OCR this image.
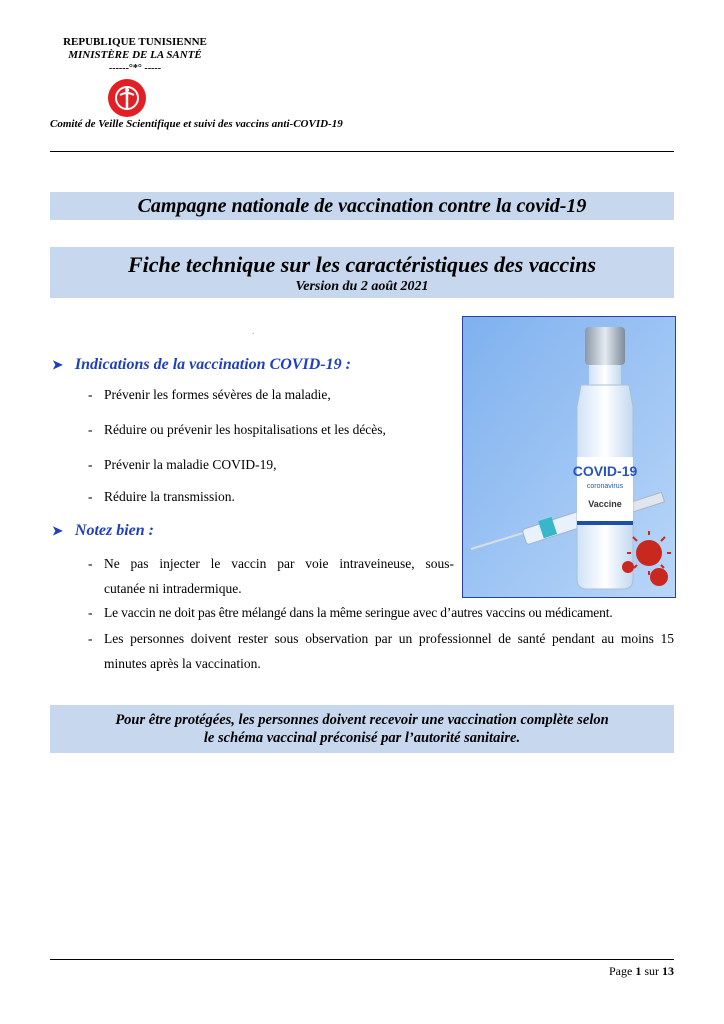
REPUBLIQUE TUNISIENNE
MINISTÈRE DE LA SANTÉ
------°*° -----
Comité de Veille Scientifique et suivi des vaccins anti-COVID-19
Campagne nationale de vaccination contre la covid-19
Fiche technique sur les caractéristiques des vaccins
Version du 2 août 2021
.
➤ Indications de la vaccination COVID-19 :
- Prévenir les formes sévères de la maladie,
- Réduire ou prévenir les hospitalisations et les décès,
- Prévenir la maladie COVID-19,
- Réduire la transmission.
➤ Notez bien :
- Ne pas injecter le vaccin par voie intraveineuse, sous-
cutanée ni intradermique.
- Le vaccin ne doit pas être mélangé dans la même seringue avec d’autres vaccins ou médicament.
- Les personnes doivent rester sous observation par un professionnel de santé pendant au moins 15
minutes après la vaccination.
COVID-19
coronavirus
Vaccine
Pour être protégées, les personnes doivent recevoir une vaccination complète selon
le schéma vaccinal préconisé par l’autorité sanitaire.
Page 1 sur 13
